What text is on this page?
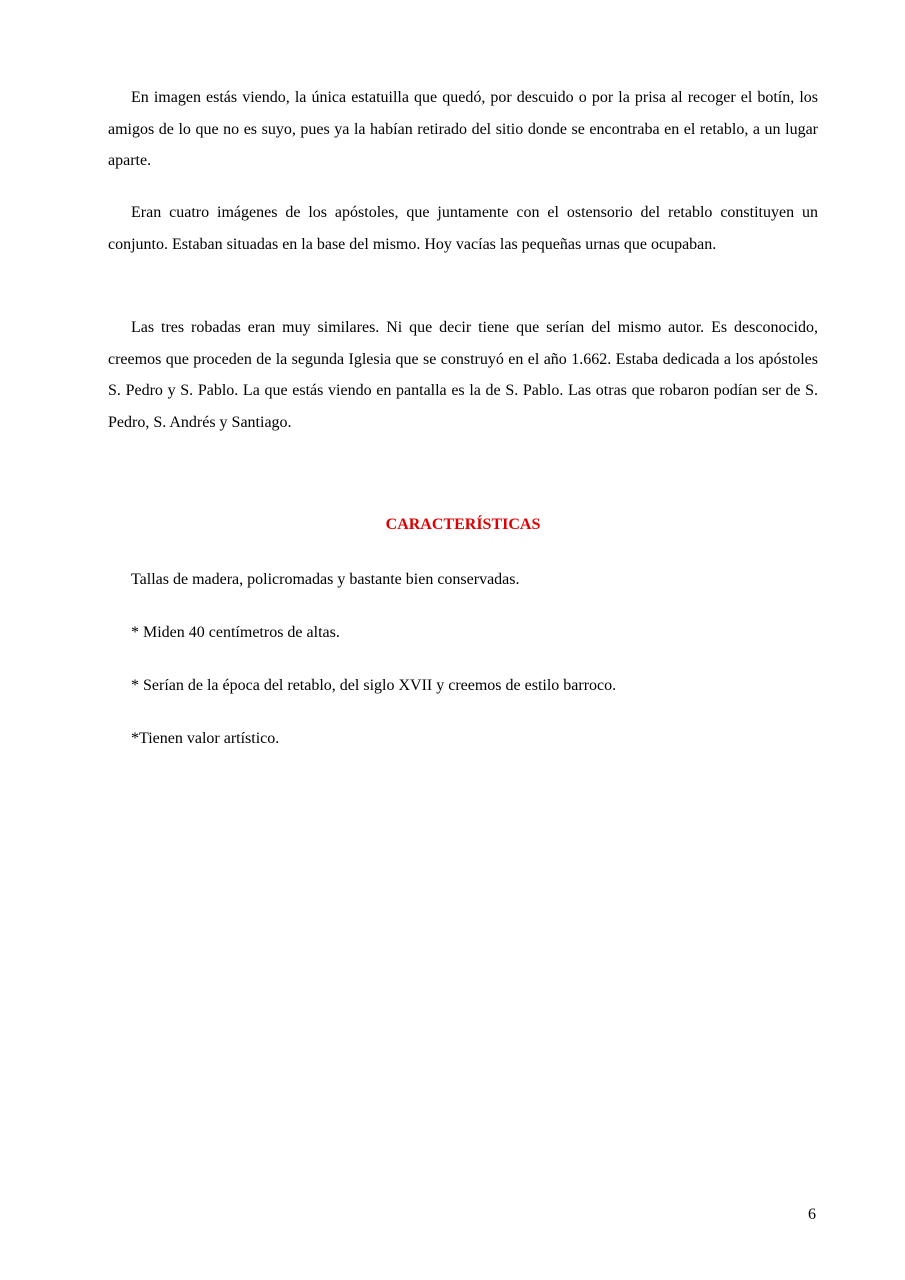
En imagen estás viendo, la única estatuilla que quedó, por descuido o por la prisa al recoger el botín, los amigos de lo que no es suyo, pues ya la habían retirado del sitio donde se encontraba en el retablo, a un lugar aparte.

Eran cuatro imágenes de los apóstoles, que juntamente con el ostensorio del retablo constituyen un conjunto. Estaban situadas en la base del mismo. Hoy vacías las pequeñas urnas que ocupaban.

Las tres robadas eran muy similares. Ni que decir tiene que serían del mismo autor. Es desconocido, creemos que proceden de la segunda Iglesia que se construyó en el año 1.662. Estaba dedicada a los apóstoles S. Pedro y S. Pablo. La que estás viendo en pantalla es la de S. Pablo. Las otras que robaron podían ser de S. Pedro, S. Andrés y Santiago.

CARACTERÍSTICAS

Tallas de madera, policromadas y bastante bien conservadas.

* Miden 40 centímetros de altas.

* Serían de la época del retablo, del siglo XVII y creemos de estilo barroco.

*Tienen valor artístico.

6
